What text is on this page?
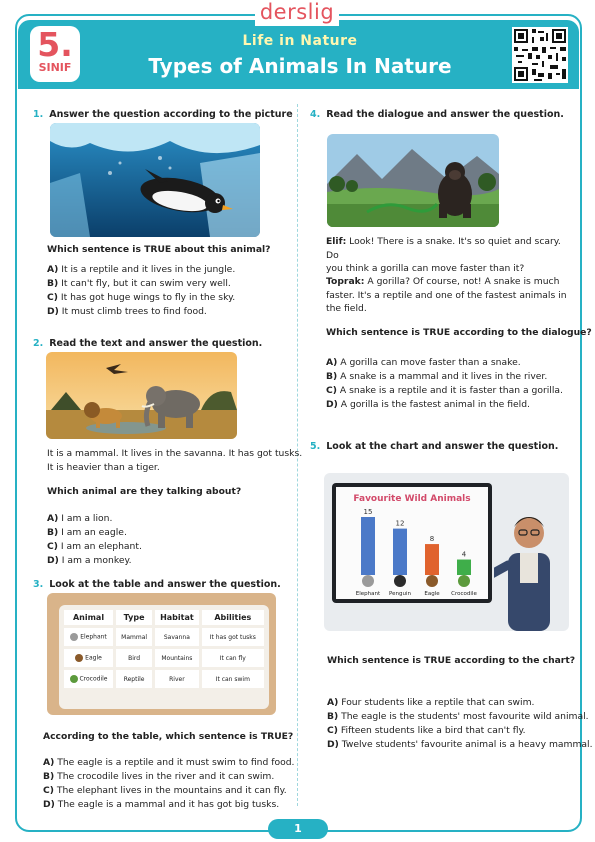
derslig
5.
SINIF
Life in Nature
Types of Animals In Nature
1. Answer the question according to the picture
Which sentence is TRUE about this animal?
A) It is a reptile and it lives in the jungle.
B) It can't fly, but it can swim very well.
C) It has got huge wings to fly in the sky.
D) It must climb trees to find food.
2. Read the text and answer the question.
It is a mammal. It lives in the savanna. It has got tusks.
It is heavier than a tiger.
Which animal are they talking about?
A) I am a lion.
B) I am an eagle.
C) I am an elephant.
D) I am a monkey.
3. Look at the table and answer the question.
Animal	Type	Habitat	Abilities
Elephant	Mammal	Savanna	It has got tusks
Eagle	Bird	Mountains	It can fly
Crocodile	Reptile	River	It can swim
According to the table, which sentence is TRUE?
A) The eagle is a reptile and it must swim to find food.
B) The crocodile lives in the river and it can swim.
C) The elephant lives in the mountains and it can fly.
D) The eagle is a mammal and it has got big tusks.
4. Read the dialogue and answer the question.
Elif: Look! There is a snake. It's so quiet and scary. Do
you think a gorilla can move faster than it?
Toprak: A gorilla? Of course, not! A snake is much
faster. It's a reptile and one of the fastest animals in
the field.
Which sentence is TRUE according to the dialogue?
A) A gorilla can move faster than a snake.
B) A snake is a mammal and it lives in the river.
C) A snake is a reptile and it is faster than a gorilla.
D) A gorilla is the fastest animal in the field.
5. Look at the chart and answer the question.
Favourite Wild Animals
15
Elephant
12
Penguin
8
Eagle
4
Crocodile
Which sentence is TRUE according to the chart?
A) Four students like a reptile that can swim.
B) The eagle is the students' most favourite wild animal.
C) Fifteen students like a bird that can't fly.
D) Twelve students' favourite animal is a heavy mammal.
1
